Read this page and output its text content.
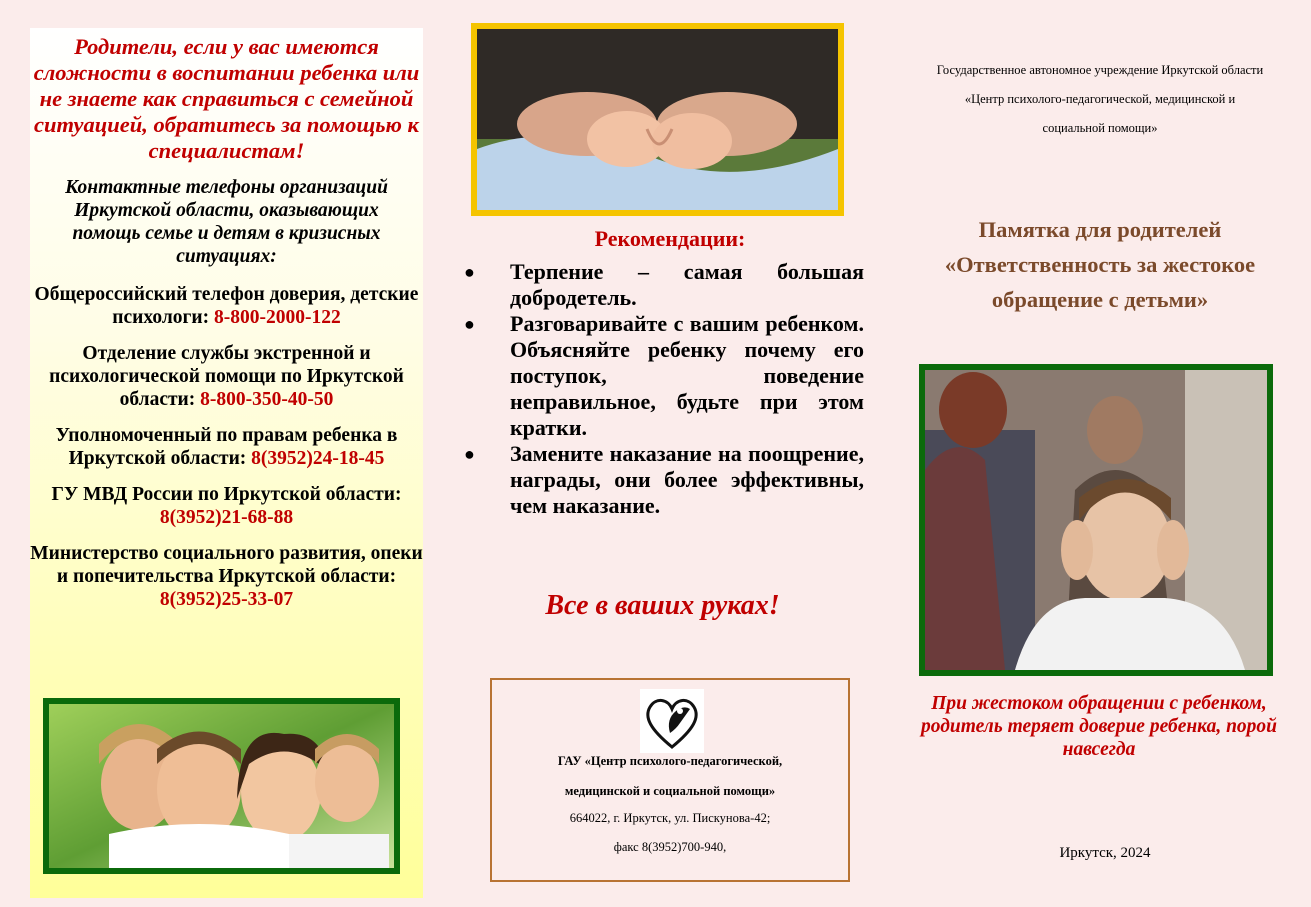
Родители, если у вас имеются сложности в воспитании ребенка или не знаете как справиться с семейной ситуацией, обратитесь за помощью к специалистам!
Контактные телефоны организаций Иркутской области, оказывающих помощь семье и детям в кризисных ситуациях:
Общероссийский телефон доверия, детские психологи: 8-800-2000-122
Отделение службы экстренной и психологической помощи по Иркутской области: 8-800-350-40-50
Уполномоченный по правам ребенка в Иркутской области: 8(3952)24-18-45
ГУ МВД России по Иркутской области: 8(3952)21-68-88
Министерство социального развития, опеки и попечительства Иркутской области: 8(3952)25-33-07
Рекомендации:
● Терпение – самая большая добродетель.
● Разговаривайте с вашим ребенком. Объясняйте ребенку почему его поступок, поведение неправильное, будьте при этом кратки.
● Замените наказание на поощрение, награды, они более эффективны, чем наказание.
Все в ваших руках!
ГАУ «Центр психолого-педагогической,
медицинской и социальной помощи»
664022, г. Иркутск, ул. Пискунова-42;
факс 8(3952)700-940,
Государственное автономное учреждение Иркутской области
«Центр психолого-педагогической, медицинской и
социальной помощи»
Памятка для родителей
«Ответственность за жестокое
обращение с детьми»
При жестоком обращении с ребенком, родитель теряет доверие ребенка, порой навсегда
Иркутск, 2024
